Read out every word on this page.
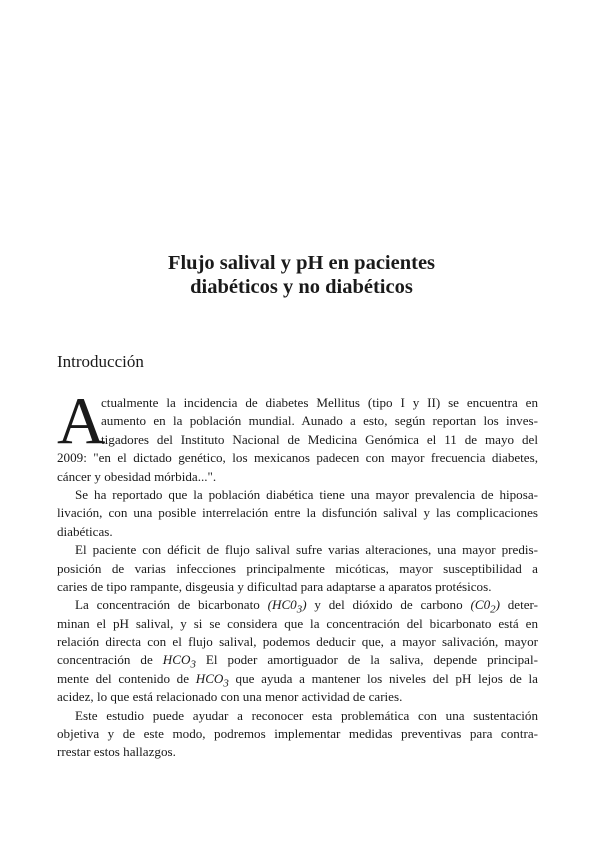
Flujo salival y pH en pacientes
diabéticos y no diabéticos
Introducción
A
ctualmente la incidencia de diabetes Mellitus (tipo I y II) se encuentra en
aumento en la población mundial. Aunado a esto, según reportan los inves-
tigadores del Instituto Nacional de Medicina Genómica el 11 de mayo del
2009: "en el dictado genético, los mexicanos padecen con mayor frecuencia diabetes,
cáncer y obesidad mórbida...".
Se ha reportado que la población diabética tiene una mayor prevalencia de hiposa-
livación, con una posible interrelación entre la disfunción salival y las complicaciones
diabéticas.
El paciente con déficit de flujo salival sufre varias alteraciones, una mayor predis-
posición de varias infecciones principalmente micóticas, mayor susceptibilidad a
caries de tipo rampante, disgeusia y dificultad para adaptarse a aparatos protésicos.
La concentración de bicarbonato $(HC0_3)$ y del dióxido de carbono $(C0_2)$ deter-
minan el pH salival, y si se considera que la concentración del bicarbonato está en
relación directa con el flujo salival, podemos deducir que, a mayor salivación, mayor
concentración de $HCO_3$ El poder amortiguador de la saliva, depende principal-
mente del contenido de $HCO_3$ que ayuda a mantener los niveles del pH lejos de la
acidez, lo que está relacionado con una menor actividad de caries.
Este estudio puede ayudar a reconocer esta problemática con una sustentación
objetiva y de este modo, podremos implementar medidas preventivas para contra-
rrestar estos hallazgos.
